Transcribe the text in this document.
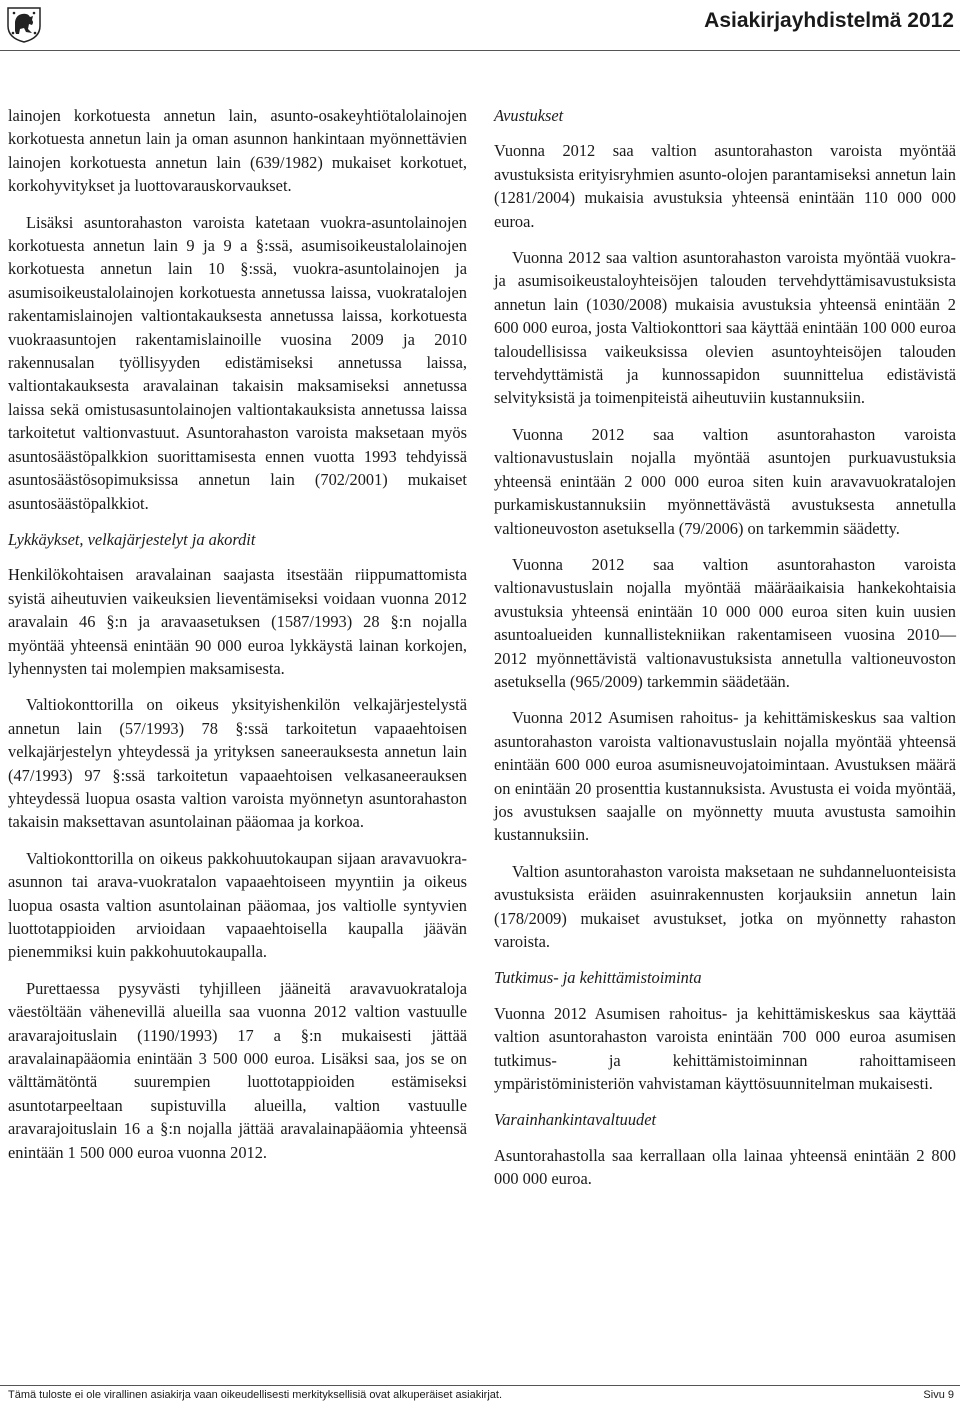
Asiakirjayhdistelmä 2012

lainojen korkotuesta annetun lain, asunto-osakeyhtiötalolainojen korkotuesta annetun lain ja oman asunnon hankintaan myönnettävien lainojen korkotuesta annetun lain (639/1982) mukaiset korkotuet, korkohyvitykset ja luottovarauskorvaukset.

Lisäksi asuntorahaston varoista katetaan vuokra-asuntolainojen korkotuesta annetun lain 9 ja 9 a §:ssä, asumisoikeustalolainojen korkotuesta annetun lain 10 §:ssä, vuokra-asuntolainojen ja asumisoikeustalolainojen korkotuesta annetussa laissa, vuokratalojen rakentamislainojen valtiontakauksesta annetussa laissa, korkotuesta vuokraasuntojen rakentamislainoille vuosina 2009 ja 2010 rakennusalan työllisyyden edistämiseksi annetussa laissa, valtiontakauksesta aravalainan takaisin maksamiseksi annetussa laissa sekä omistusasuntolainojen valtiontakauksista annetussa laissa tarkoitetut valtionvastuut. Asuntorahaston varoista maksetaan myös asuntosäästöpalkkion suorittamisesta ennen vuotta 1993 tehdyissä asuntosäästösopimuksissa annetun lain (702/2001) mukaiset asuntosäästöpalkkiot.

Lykkäykset, velkajärjestelyt ja akordit

Henkilökohtaisen aravalainan saajasta itsestään riippumattomista syistä aiheutuvien vaikeuksien lieventämiseksi voidaan vuonna 2012 aravalain 46 §:n ja aravaasetuksen (1587/1993) 28 §:n nojalla myöntää yhteensä enintään 90 000 euroa lykkäystä lainan korkojen, lyhennysten tai molempien maksamisesta.

Valtiokonttorilla on oikeus yksityishenkilön velkajärjestelystä annetun lain (57/1993) 78 §:ssä tarkoitetun vapaaehtoisen velkajärjestelyn yhteydessä ja yrityksen saneerauksesta annetun lain (47/1993) 97 §:ssä tarkoitetun vapaaehtoisen velkasaneerauksen yhteydessä luopua osasta valtion varoista myönnetyn asuntorahaston takaisin maksettavan asuntolainan pääomaa ja korkoa.

Valtiokonttorilla on oikeus pakkohuutokaupan sijaan aravavuokra-asunnon tai arava-vuokratalon vapaaehtoiseen myyntiin ja oikeus luopua osasta valtion asuntolainan pääomaa, jos valtiolle syntyvien luottotappioiden arvioidaan vapaaehtoisella kaupalla jäävän pienemmiksi kuin pakkohuutokaupalla.

Purettaessa pysyvästi tyhjilleen jääneitä aravavuokrataloja väestöltään vähenevillä alueilla saa vuonna 2012 valtion vastuulle aravarajoituslain (1190/1993) 17 a §:n mukaisesti jättää aravalainapääomia enintään 3 500 000 euroa. Lisäksi saa, jos se on välttämätöntä suurempien luottotappioiden estämiseksi asuntotarpeeltaan supistuvilla alueilla, valtion vastuulle aravarajoituslain 16 a §:n nojalla jättää aravalainapääomia yhteensä enintään 1 500 000 euroa vuonna 2012.

Avustukset

Vuonna 2012 saa valtion asuntorahaston varoista myöntää avustuksista erityisryhmien asunto-olojen parantamiseksi annetun lain (1281/2004) mukaisia avustuksia yhteensä enintään 110 000 000 euroa.

Vuonna 2012 saa valtion asuntorahaston varoista myöntää vuokra- ja asumisoikeustaloyhteisöjen talouden tervehdyttämisavustuksista annetun lain (1030/2008) mukaisia avustuksia yhteensä enintään 2 600 000 euroa, josta Valtiokonttori saa käyttää enintään 100 000 euroa taloudellisissa vaikeuksissa olevien asuntoyhteisöjen talouden tervehdyttämistä ja kunnossapidon suunnittelua edistävistä selvityksistä ja toimenpiteistä aiheutuviin kustannuksiin.

Vuonna 2012 saa valtion asuntorahaston varoista valtionavustuslain nojalla myöntää asuntojen purkuavustuksia yhteensä enintään 2 000 000 euroa siten kuin aravavuokratalojen purkamiskustannuksiin myönnettävästä avustuksesta annetulla valtioneuvoston asetuksella (79/2006) on tarkemmin säädetty.

Vuonna 2012 saa valtion asuntorahaston varoista valtionavustuslain nojalla myöntää määräaikaisia hankekohtaisia avustuksia yhteensä enintään 10 000 000 euroa siten kuin uusien asuntoalueiden kunnallistekniikan rakentamiseen vuosina 2010—2012 myönnettävistä valtionavustuksista annetulla valtioneuvoston asetuksella (965/2009) tarkemmin säädetään.

Vuonna 2012 Asumisen rahoitus- ja kehittämiskeskus saa valtion asuntorahaston varoista valtionavustuslain nojalla myöntää yhteensä enintään 600 000 euroa asumisneuvojatoimintaan. Avustuksen määrä on enintään 20 prosenttia kustannuksista. Avustusta ei voida myöntää, jos avustuksen saajalle on myönnetty muuta avustusta samoihin kustannuksiin.

Valtion asuntorahaston varoista maksetaan ne suhdanneluonteisista avustuksista eräiden asuinrakennusten korjauksiin annetun lain (178/2009) mukaiset avustukset, jotka on myönnetty rahaston varoista.

Tutkimus- ja kehittämistoiminta

Vuonna 2012 Asumisen rahoitus- ja kehittämiskeskus saa käyttää valtion asuntorahaston varoista enintään 700 000 euroa asumisen tutkimus- ja kehittämistoiminnan rahoittamiseen ympäristöministeriön vahvistaman käyttösuunnitelman mukaisesti.

Varainhankintavaltuudet

Asuntorahastolla saa kerrallaan olla lainaa yhteensä enintään 2 800 000 000 euroa.

Tämä tuloste ei ole virallinen asiakirja vaan oikeudellisesti merkityksellisiä ovat alkuperäiset asiakirjat.	Sivu 9
